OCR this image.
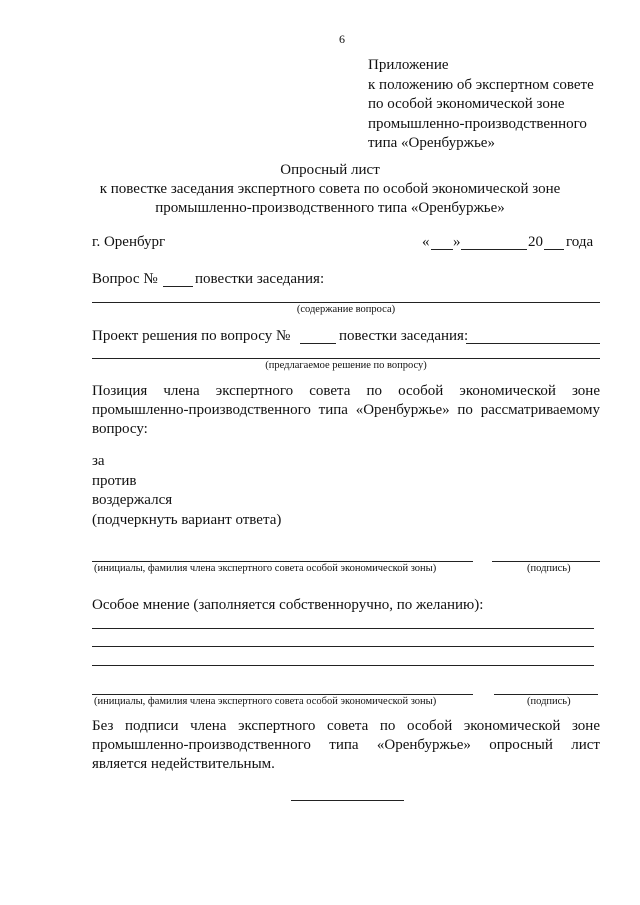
6
Приложение
к положению об экспертном совете
по особой экономической зоне
промышленно-производственного
типа «Оренбуржье»
Опросный лист
к повестке заседания экспертного совета по особой экономической зоне
промышленно-производственного типа «Оренбуржье»
г. Оренбург	« »	20 года
Вопрос № повестки заседания:
(содержание вопроса)
Проект решения по вопросу №	повестки заседания:
(предлагаемое решение по вопросу)
Позиция члена экспертного совета по особой экономической зоне
промышленно-производственного типа «Оренбуржье» по рассматриваемому
вопросу:
за
против
воздержался
(подчеркнуть вариант ответа)
(инициалы, фамилия члена экспертного совета особой экономической зоны)	(подпись)
Особое мнение (заполняется собственноручно, по желанию):
(инициалы, фамилия члена экспертного совета особой экономической зоны)	(подпись)
Без подписи члена экспертного совета по особой экономической зоне
промышленно-производственного типа «Оренбуржье» опросный лист
является недействительным.
